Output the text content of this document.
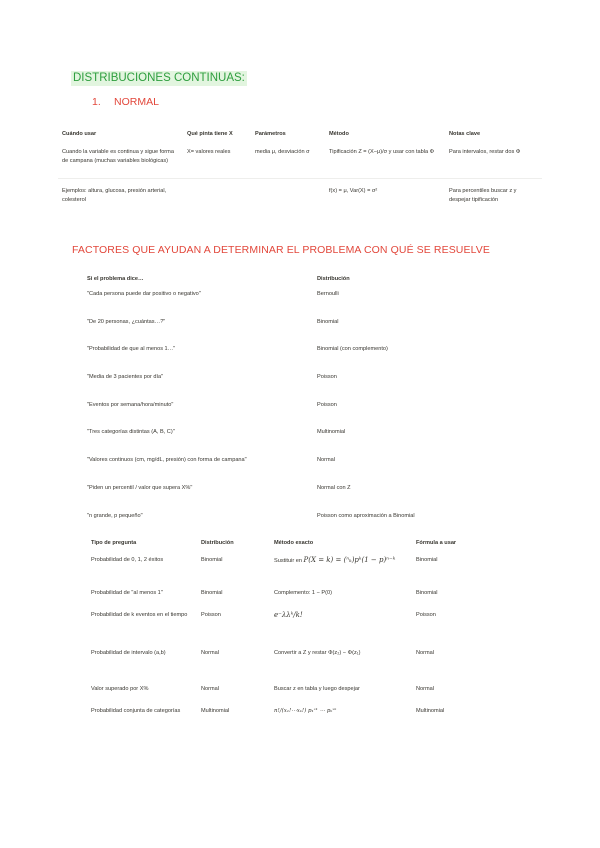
DISTRIBUCIONES CONTINUAS:
1. NORMAL
Cuándo usar	Qué pinta tiene X	Parámetros	Método	Notas clave
Cuando la variable es continua y sigue forma de campana (muchas variables biológicas)	X= valores reales	media μ, desviación σ	Tipificación Z = (X−μ)/σ y usar con tabla Φ	Para intervalos, restar dos Φ
Ejemplos: altura, glucosa, presión arterial, colesterol			f(x) = μ, Var(X) = σ²	Para percentiles buscar z y despejar tipificación
FACTORES QUE AYUDAN A DETERMINAR EL PROBLEMA CON QUÉ SE RESUELVE
Si el problema dice…	Distribución
"Cada persona puede dar positivo o negativo"	Bernoulli
"De 20 personas, ¿cuántas…?"	Binomial
"Probabilidad de que al menos 1…"	Binomial (con complemento)
"Media de 3 pacientes por día"	Poisson
"Eventos por semana/hora/minuto"	Poisson
"Tres categorías distintas (A, B, C)"	Multinomial
"Valores continuos (cm, mg/dL, presión) con forma de campana"	Normal
"Piden un percentil / valor que supera X%"	Normal con Z
"n grande, p pequeño"	Poisson como aproximación a Binomial
Tipo de pregunta	Distribución	Método exacto	Fórmula a usar
Probabilidad de 0, 1, 2 éxitos	Binomial	Sustituir en P(X = k) = (ⁿₖ)pᵏ(1 − p)ⁿ⁻ᵏ	Binomial
Probabilidad de "al menos 1"	Binomial	Complemento: 1 − P(0)	Binomial
Probabilidad de k eventos en el tiempo	Poisson	e⁻λλᵏ/k!	Poisson
Probabilidad de intervalo (a,b)	Normal	Convertir a Z y restar Φ(z₂) − Φ(z₁)	Normal
Valor superado por X%	Normal	Buscar z en tabla y luego despejar	Normal
Probabilidad conjunta de categorías	Multinomial	n!/(x₁!⋯xₖ!) p₁ˣ¹ ⋯ pₖˣᵏ	Multinomial
